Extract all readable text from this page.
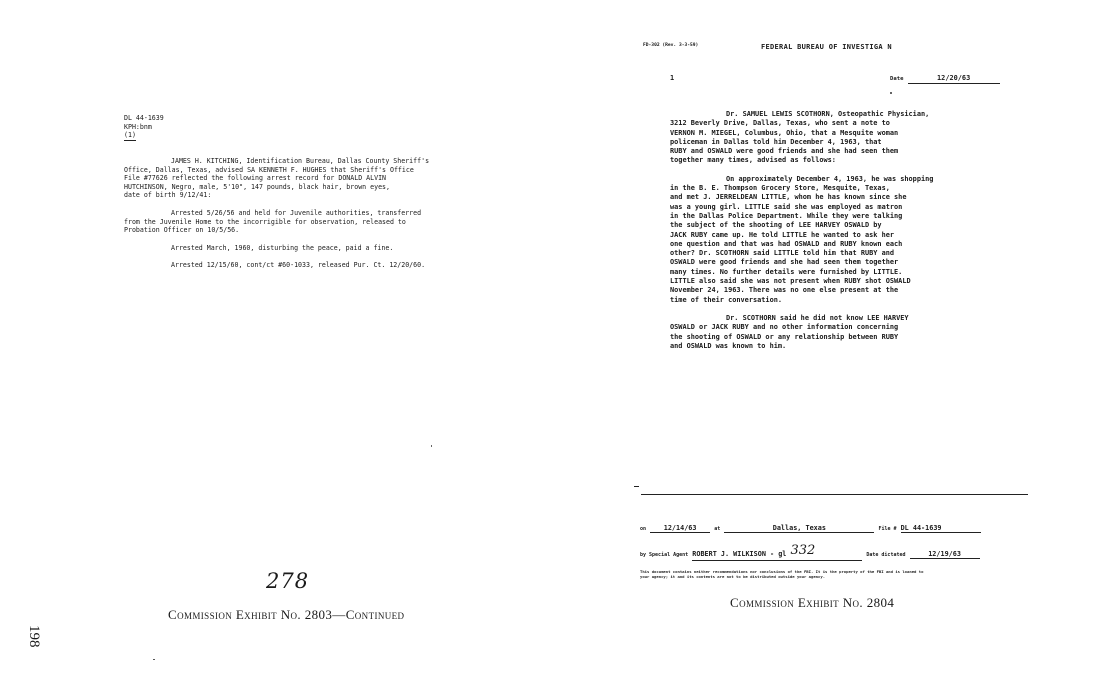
DL 44-1639
KPH:bnm
(1)
JAMES H. KITCHING, Identification Bureau, Dallas County Sheriff's
Office, Dallas, Texas, advised SA KENNETH F. HUGHES that Sheriff's Office
File #77626 reflected the following arrest record for DONALD ALVIN
HUTCHINSON, Negro, male, 5'10", 147 pounds, black hair, brown eyes,
date of birth 9/12/41:
Arrested 5/26/56 and held for Juvenile authorities, transferred
from the Juvenile Home to the incorrigible for observation, released to
Probation Officer on 10/5/56.
Arrested March, 1960, disturbing the peace, paid a fine.
Arrested 12/15/60, cont/ct #60-1033, released Pur. Ct. 12/20/60.
278
Commission Exhibit No. 2803—Continued
198
FD-302 (Rev. 3-3-59)	FEDERAL BUREAU OF INVESTIGA N
1	Date	12/20/63
Dr. SAMUEL LEWIS SCOTHORN, Osteopathic Physician,
3212 Beverly Drive, Dallas, Texas, who sent a note to
VERNON M. MIEGEL, Columbus, Ohio, that a Mesquite woman
policeman in Dallas told him December 4, 1963, that
RUBY and OSWALD were good friends and she had seen them
together many times, advised as follows:
On approximately December 4, 1963, he was shopping
in the B. E. Thompson Grocery Store, Mesquite, Texas,
and met J. JERRELDEAN LITTLE, whom he has known since she
was a young girl. LITTLE said she was employed as matron
in the Dallas Police Department. While they were talking
the subject of the shooting of LEE HARVEY OSWALD by
JACK RUBY came up. He told LITTLE he wanted to ask her
one question and that was had OSWALD and RUBY known each
other? Dr. SCOTHORN said LITTLE told him that RUBY and
OSWALD were good friends and she had seen them together
many times. No further details were furnished by LITTLE.
LITTLE also said she was not present when RUBY shot OSWALD
November 24, 1963. There was no one else present at the
time of their conversation.
Dr. SCOTHORN said he did not know LEE HARVEY
OSWALD or JACK RUBY and no other information concerning
the shooting of OSWALD or any relationship between RUBY
and OSWALD was known to him.
on	12/14/63	at	Dallas, Texas	File # DL 44-1639
by Special Agent ROBERT J. WILKISON - gl 332	Date dictated	12/19/63
This document contains neither recommendations nor conclusions of the FBI. It is the property of the FBI and is loaned to
your agency; it and its contents are not to be distributed outside your agency.
Commission Exhibit No. 2804
